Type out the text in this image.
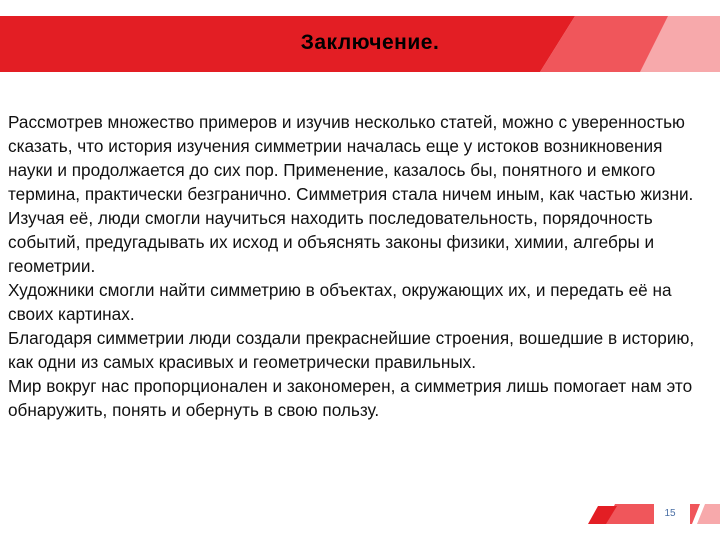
Заключение.

Рассмотрев множество примеров и изучив несколько статей, можно с уверенностью сказать, что история изучения симметрии началась еще у истоков возникновения науки и продолжается до сих пор. Применение, казалось бы, понятного и емкого термина, практически безгранично. Симметрия стала ничем иным, как частью жизни. Изучая её, люди смогли научиться находить последовательность, порядочность событий, предугадывать их исход и объяснять законы физики, химии, алгебры и геометрии.

Художники смогли найти симметрию в объектах, окружающих их, и передать её на своих картинах.

Благодаря симметрии люди создали прекраснейшие строения, вошедшие в историю, как одни из самых красивых и геометрически правильных.

Мир вокруг нас пропорционален и закономерен, а симметрия лишь помогает нам это обнаружить, понять и обернуть в свою пользу.

15
